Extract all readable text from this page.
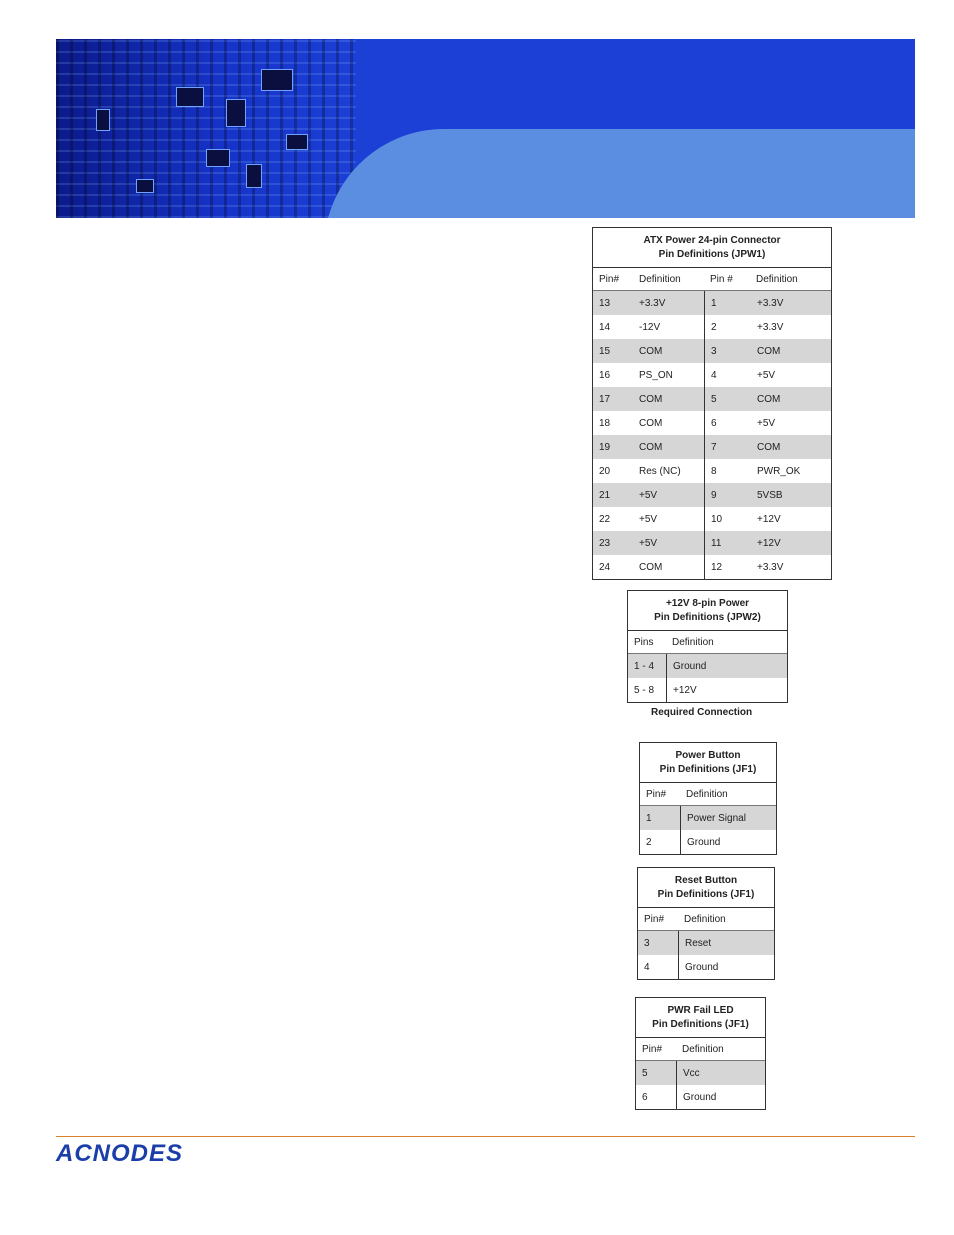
ATX Power 24-pin Connector
Pin Definitions (JPW1)
Pin#	Definition	Pin #	Definition
13	+3.3V	1	+3.3V
14	-12V	2	+3.3V
15	COM	3	COM
16	PS_ON	4	+5V
17	COM	5	COM
18	COM	6	+5V
19	COM	7	COM
20	Res (NC)	8	PWR_OK
21	+5V	9	5VSB
22	+5V	10	+12V
23	+5V	11	+12V
24	COM	12	+3.3V
+12V 8-pin Power
Pin Definitions (JPW2)
Pins	Definition
1 - 4	Ground
5 - 8	+12V
Required Connection
Power Button
Pin Definitions (JF1)
Pin#	Definition
1	Power Signal
2	Ground
Reset Button
Pin Definitions (JF1)
Pin#	Definition
3	Reset
4	Ground
PWR Fail LED
Pin Definitions (JF1)
Pin#	Definition
5	Vcc
6	Ground
ACNODES
